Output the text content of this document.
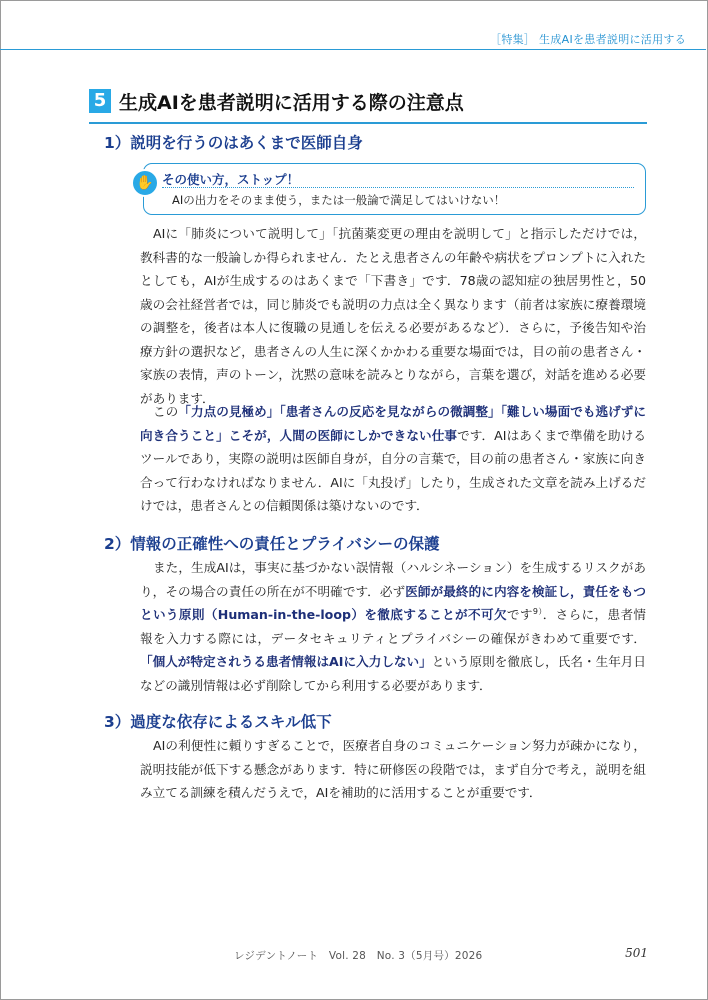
［特集］ 生成AIを患者説明に活用する
5 生成AIを患者説明に活用する際の注意点
1）説明を行うのはあくまで医師自身
✋ その使い方，ストップ！
AIの出力をそのまま使う，または一般論で満足してはいけない！

AIに「肺炎について説明して」「抗菌薬変更の理由を説明して」と指示しただけでは，教科書的な一般論しか得られません．たとえ患者さんの年齢や病状をプロンプトに入れたとしても，AIが生成するのはあくまで「下書き」です．78歳の認知症の独居男性と，50歳の会社経営者では，同じ肺炎でも説明の力点は全く異なります（前者は家族に療養環境の調整を，後者は本人に復職の見通しを伝える必要があるなど）．さらに，予後告知や治療方針の選択など，患者さんの人生に深くかかわる重要な場面では，目の前の患者さん・家族の表情，声のトーン，沈黙の意味を読みとりながら，言葉を選び，対話を進める必要があります．

この「力点の見極め」「患者さんの反応を見ながらの微調整」「難しい場面でも逃げずに向き合うこと」こそが，人間の医師にしかできない仕事です．AIはあくまで準備を助けるツールであり，実際の説明は医師自身が，自分の言葉で，目の前の患者さん・家族に向き合って行わなければなりません．AIに「丸投げ」したり，生成された文章を読み上げるだけでは，患者さんとの信頼関係は築けないのです．

2）情報の正確性への責任とプライバシーの保護

また，生成AIは，事実に基づかない誤情報（ハルシネーション）を生成するリスクがあり，その場合の責任の所在が不明確です．必ず医師が最終的に内容を検証し，責任をもつという原則（Human-in-the-loop）を徹底することが不可欠です$^{9)}$．さらに，患者情報を入力する際には，データセキュリティとプライバシーの確保がきわめて重要です．「個人が特定されうる患者情報はAIに入力しない」という原則を徹底し，氏名・生年月日などの識別情報は必ず削除してから利用する必要があります．

3）過度な依存によるスキル低下

AIの利便性に頼りすぎることで，医療者自身のコミュニケーション努力が疎かになり，説明技能が低下する懸念があります．特に研修医の段階では，まず自分で考え，説明を組み立てる訓練を積んだうえで，AIを補助的に活用することが重要です．

レジデントノート　Vol. 28　No. 3（5月号）2026	501
